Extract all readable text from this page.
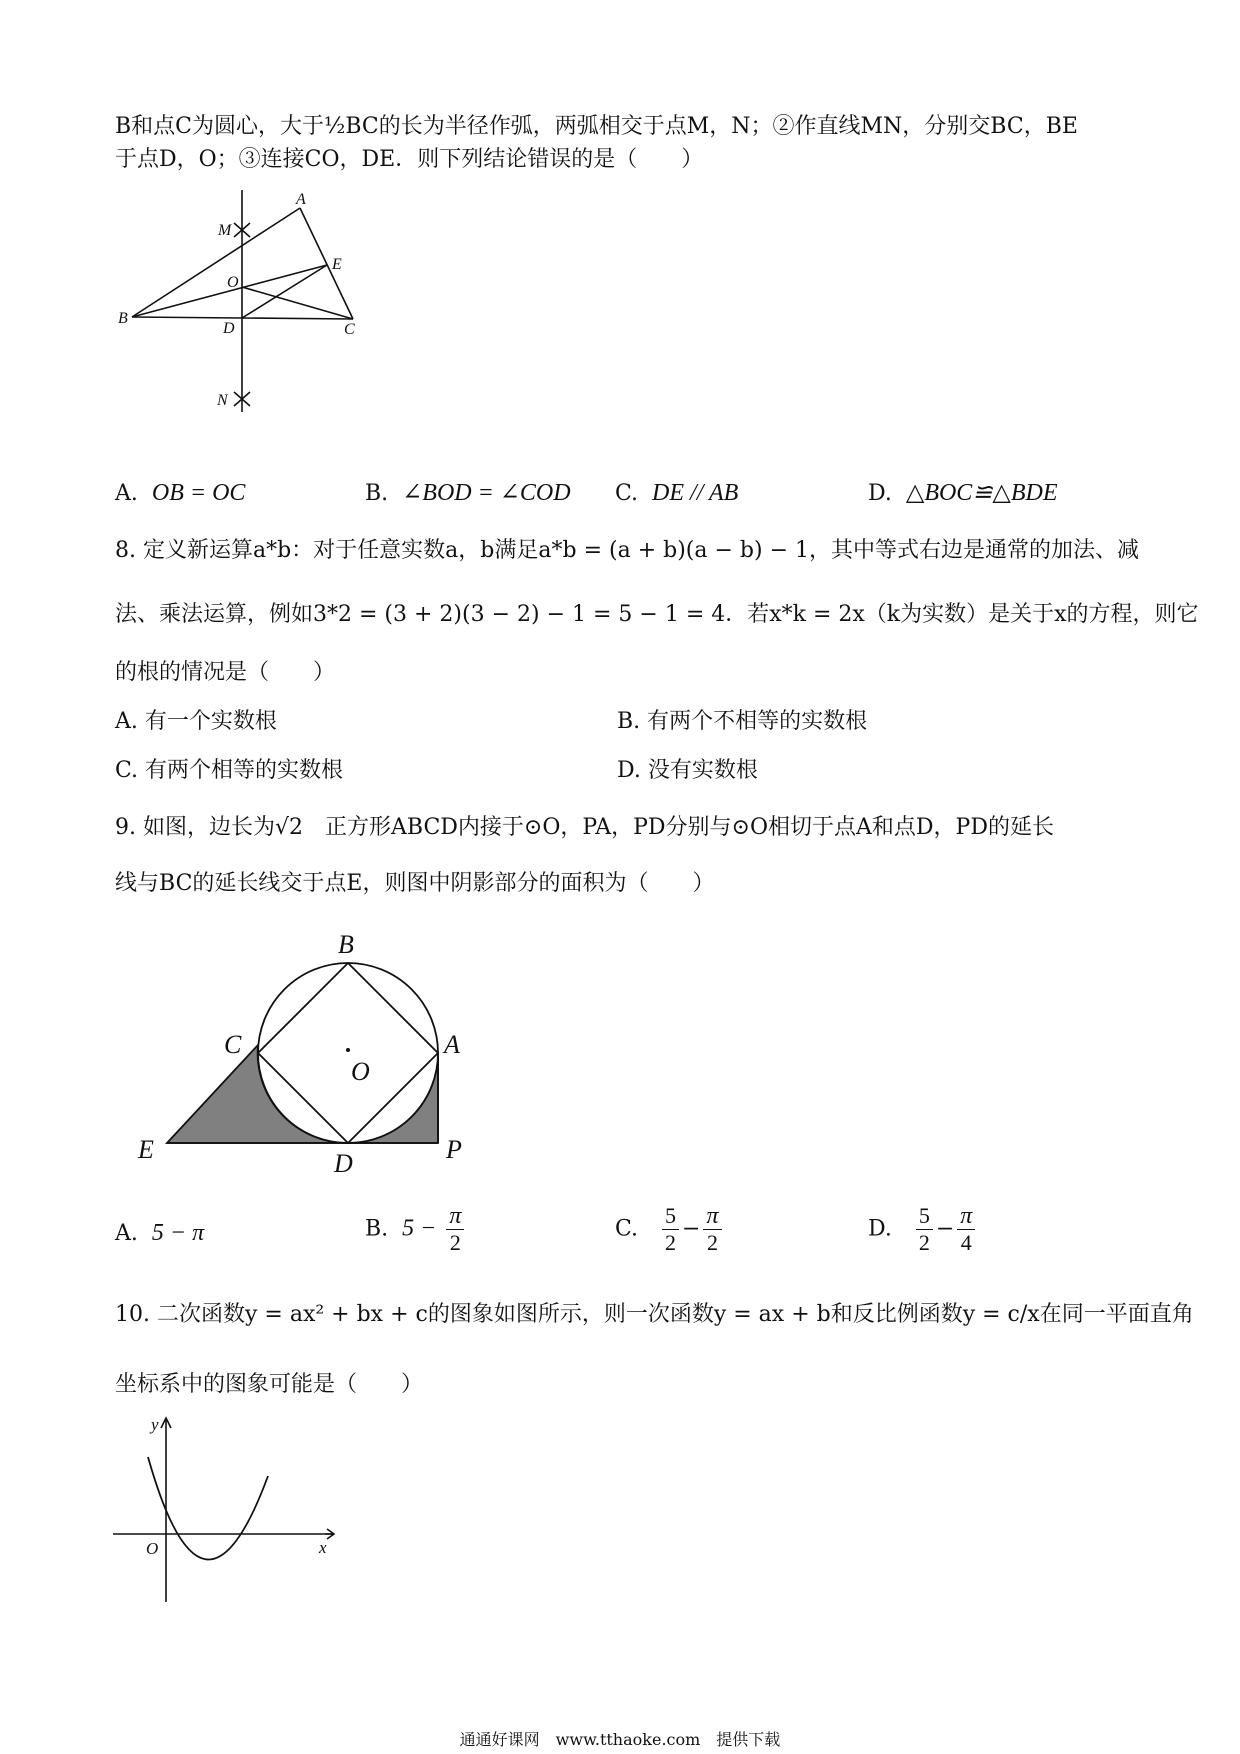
B和点C为圆心，大于½BC的长为半径作弧，两弧相交于点M，N；②作直线MN，分别交BC，BE
于点D，O；③连接CO，DE．则下列结论错误的是（　　）
A
M
O
E
B
D	C
N
A. OB = OC	B. ∠BOD = ∠COD C. DE // AB	D. △BOC≌△BDE
8. 定义新运算a*b：对于任意实数a，b满足a*b = (a + b)(a − b) − 1，其中等式右边是通常的加法、减
法、乘法运算，例如3*2 = (3 + 2)(3 − 2) − 1 = 5 − 1 = 4．若x*k = 2x（k为实数）是关于x的方程，则它
的根的情况是（　　）
A. 有一个实数根	B. 有两个不相等的实数根
C. 有两个相等的实数根	D. 没有实数根
9. 如图，边长为√2　正方形ABCD内接于⊙O，PA，PD分别与⊙O相切于点A和点D，PD的延长
线与BC的延长线交于点E，则图中阴影部分的面积为（　　）
B
C
O
A
E	D	P
A. 5 − π	B. $5 - \frac{\pi}{2}$	C. $\frac{5}{2} - \frac{\pi}{2}$	D. $\frac{5}{2} - \frac{\pi}{4}$
10. 二次函数y = ax² + bx + c的图象如图所示，则一次函数y = ax + b和反比例函数y = c/x在同一平面直角
坐标系中的图象可能是（　　）
y
O	x
通通好课网　www.tthaoke.com　提供下载
